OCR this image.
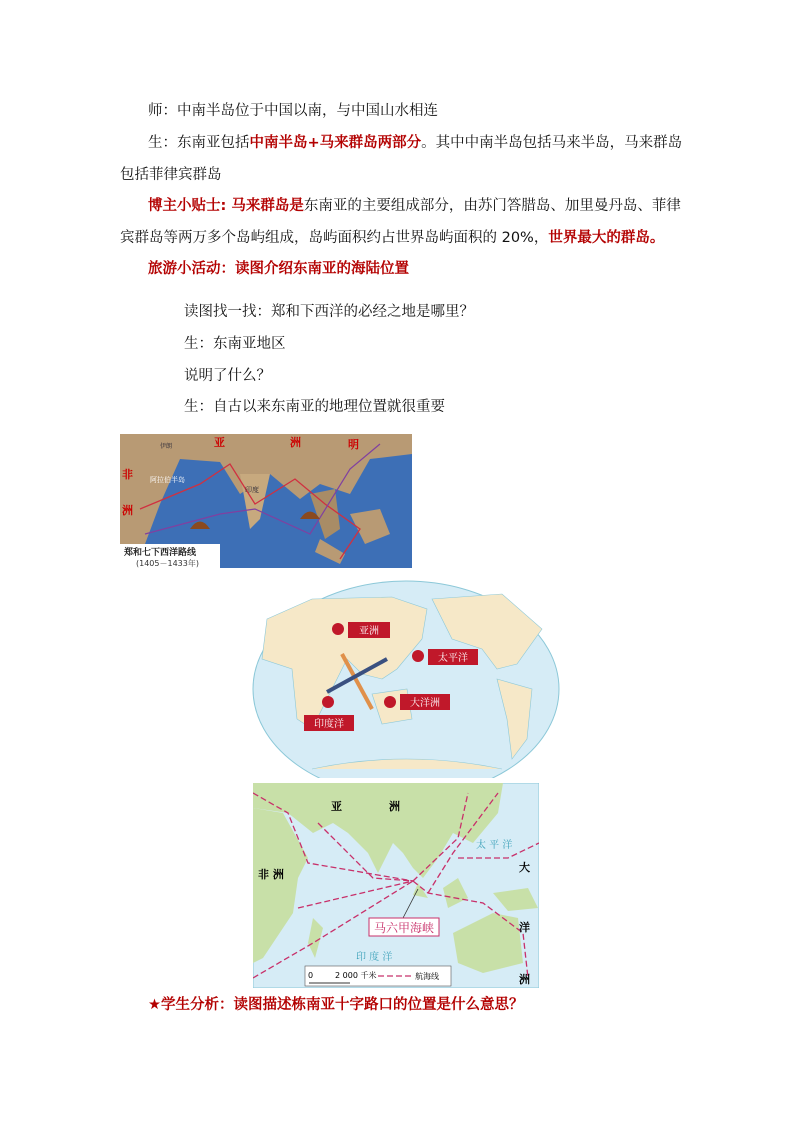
师：中南半岛位于中国以南，与中国山水相连
生：东南亚包括中南半岛+马来群岛两部分。其中中南半岛包括马来半岛，马来群岛包括菲律宾群岛
博主小贴士: 马来群岛是东南亚的主要组成部分，由苏门答腊岛、加里曼丹岛、菲律宾群岛等两万多个岛屿组成，岛屿面积约占世界岛屿面积的 20%，世界最大的群岛。
旅游小活动：读图介绍东南亚的海陆位置
读图找一找：郑和下西洋的必经之地是哪里？
生：东南亚地区
说明了什么？
生：自古以来东南亚的地理位置就很重要
亚	洲	明
非
洲
伊朗
阿拉伯半岛
印度
郑和七下西洋路线
(1405－1433年)
亚洲
太平洋
大洋洲
印度洋
马六甲海峡
亚	洲
非 洲
太 平 洋
大
洋
洲
印 度 洋
0	2 000 千米	航海线
★学生分析：读图描述栋南亚十字路口的位置是什么意思？
